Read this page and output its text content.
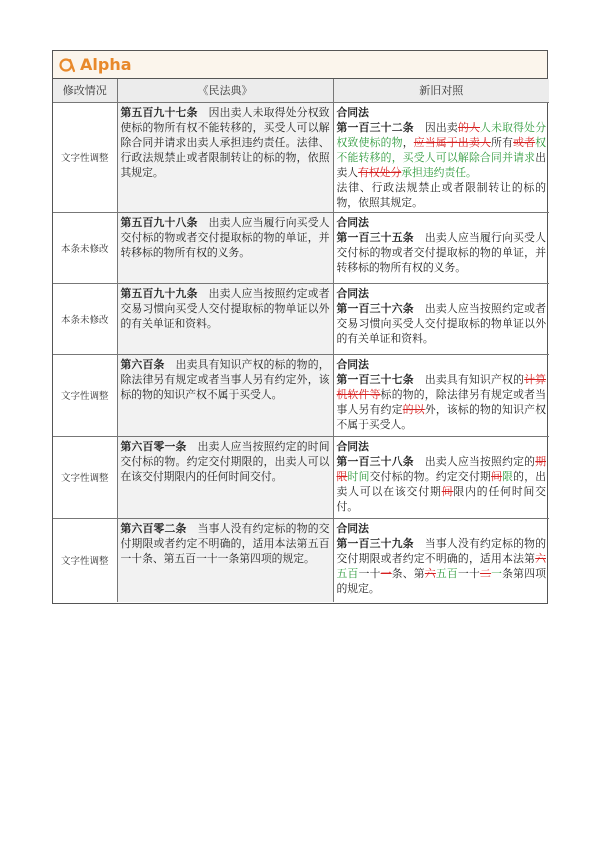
Alpha
修改情况	《民法典》	新旧对照
文字性调整	第五百九十七条　 因出卖人未取得处分权致使标的物所有权不能转移的，买受人可以解除合同并请求出卖人承担违约责任。法律、行政法规禁止或者限制转让的标的物，依照其规定。	合同法
第一百三十二条　 因出卖的人人未取得处分权致使标的物，应当属于出卖人所有或者权不能转移的，买受人可以解除合同并请求出卖人有权处分承担违约责任。
法律、行政法规禁止或者限制转让的标的物，依照其规定。
本条未修改	第五百九十八条　 出卖人应当履行向买受人交付标的物或者交付提取标的物的单证，并转移标的物所有权的义务。	合同法
第一百三十五条　 出卖人应当履行向买受人交付标的物或者交付提取标的物的单证，并转移标的物所有权的义务。
本条未修改	第五百九十九条　 出卖人应当按照约定或者交易习惯向买受人交付提取标的物单证以外的有关单证和资料。	合同法
第一百三十六条　 出卖人应当按照约定或者交易习惯向买受人交付提取标的物单证以外的有关单证和资料。
文字性调整	第六百条　 出卖具有知识产权的标的物的，除法律另有规定或者当事人另有约定外，该标的物的知识产权不属于买受人。	合同法
第一百三十七条　 出卖具有知识产权的计算机软件等标的物的，除法律另有规定或者当事人另有约定的以外，该标的物的知识产权不属于买受人。
文字性调整	第六百零一条　 出卖人应当按照约定的时间交付标的物。约定交付期限的，出卖人可以在该交付期限内的任何时间交付。	合同法
第一百三十八条　 出卖人应当按照约定的期限时间交付标的物。约定交付期间限的，出卖人可以在该交付期间限内的任何时间交付。
文字性调整	第六百零二条　 当事人没有约定标的物的交付期限或者约定不明确的，适用本法第五百一十条、第五百一十一条第四项的规定。	合同法
第一百三十九条　 当事人没有约定标的物的交付期限或者约定不明确的，适用本法第六五百一十一条、第六五百一十二一条第四项的规定。
